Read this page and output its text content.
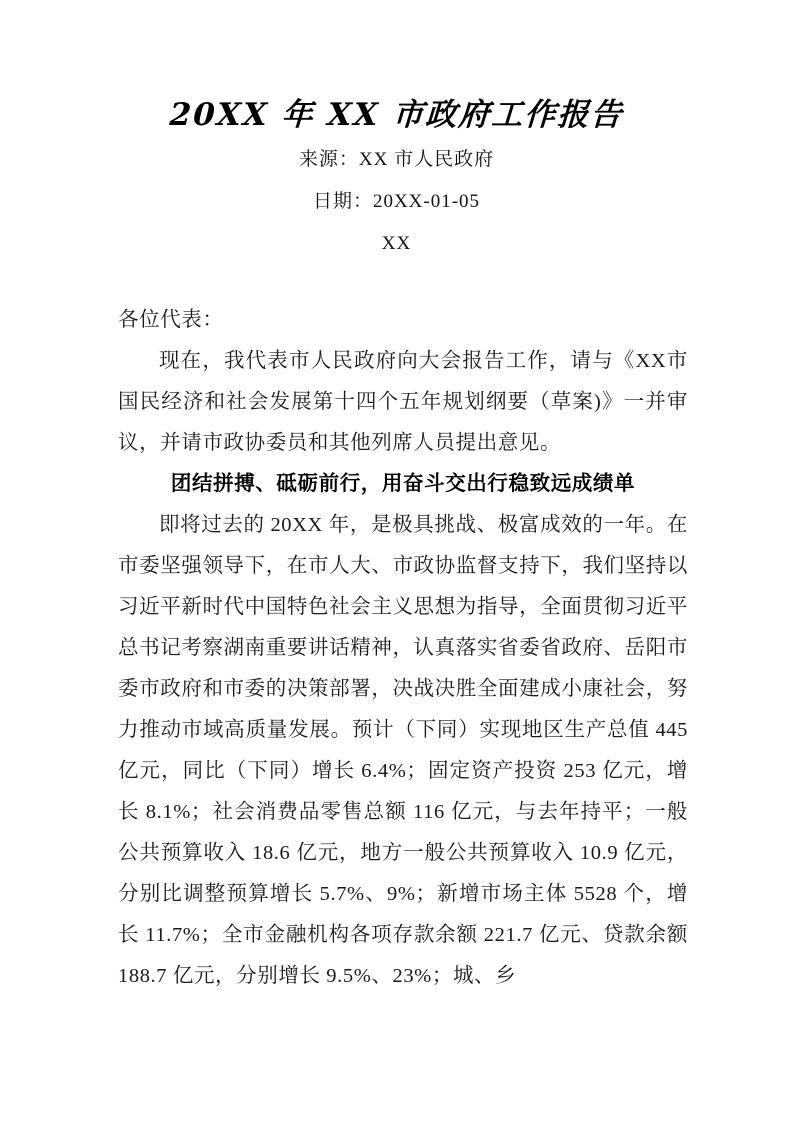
20XX 年 XX 市政府工作报告
来源：XX 市人民政府
日期：20XX-01-05
XX

各位代表：

现在，我代表市人民政府向大会报告工作，请与《XX市国民经济和社会发展第十四个五年规划纲要（草案)》一并审议，并请市政协委员和其他列席人员提出意见。

团结拼搏、砥砺前行，用奋斗交出行稳致远成绩单

即将过去的 20XX 年，是极具挑战、极富成效的一年。在市委坚强领导下，在市人大、市政协监督支持下，我们坚持以习近平新时代中国特色社会主义思想为指导，全面贯彻习近平总书记考察湖南重要讲话精神，认真落实省委省政府、岳阳市委市政府和市委的决策部署，决战决胜全面建成小康社会，努力推动市域高质量发展。预计（下同）实现地区生产总值 445 亿元，同比（下同）增长 6.4%；固定资产投资 253 亿元，增长 8.1%；社会消费品零售总额 116 亿元，与去年持平；一般公共预算收入 18.6 亿元，地方一般公共预算收入 10.9 亿元，分别比调整预算增长 5.7%、9%；新增市场主体 5528 个，增长 11.7%；全市金融机构各项存款余额 221.7 亿元、贷款余额 188.7 亿元，分别增长 9.5%、23%；城、乡
